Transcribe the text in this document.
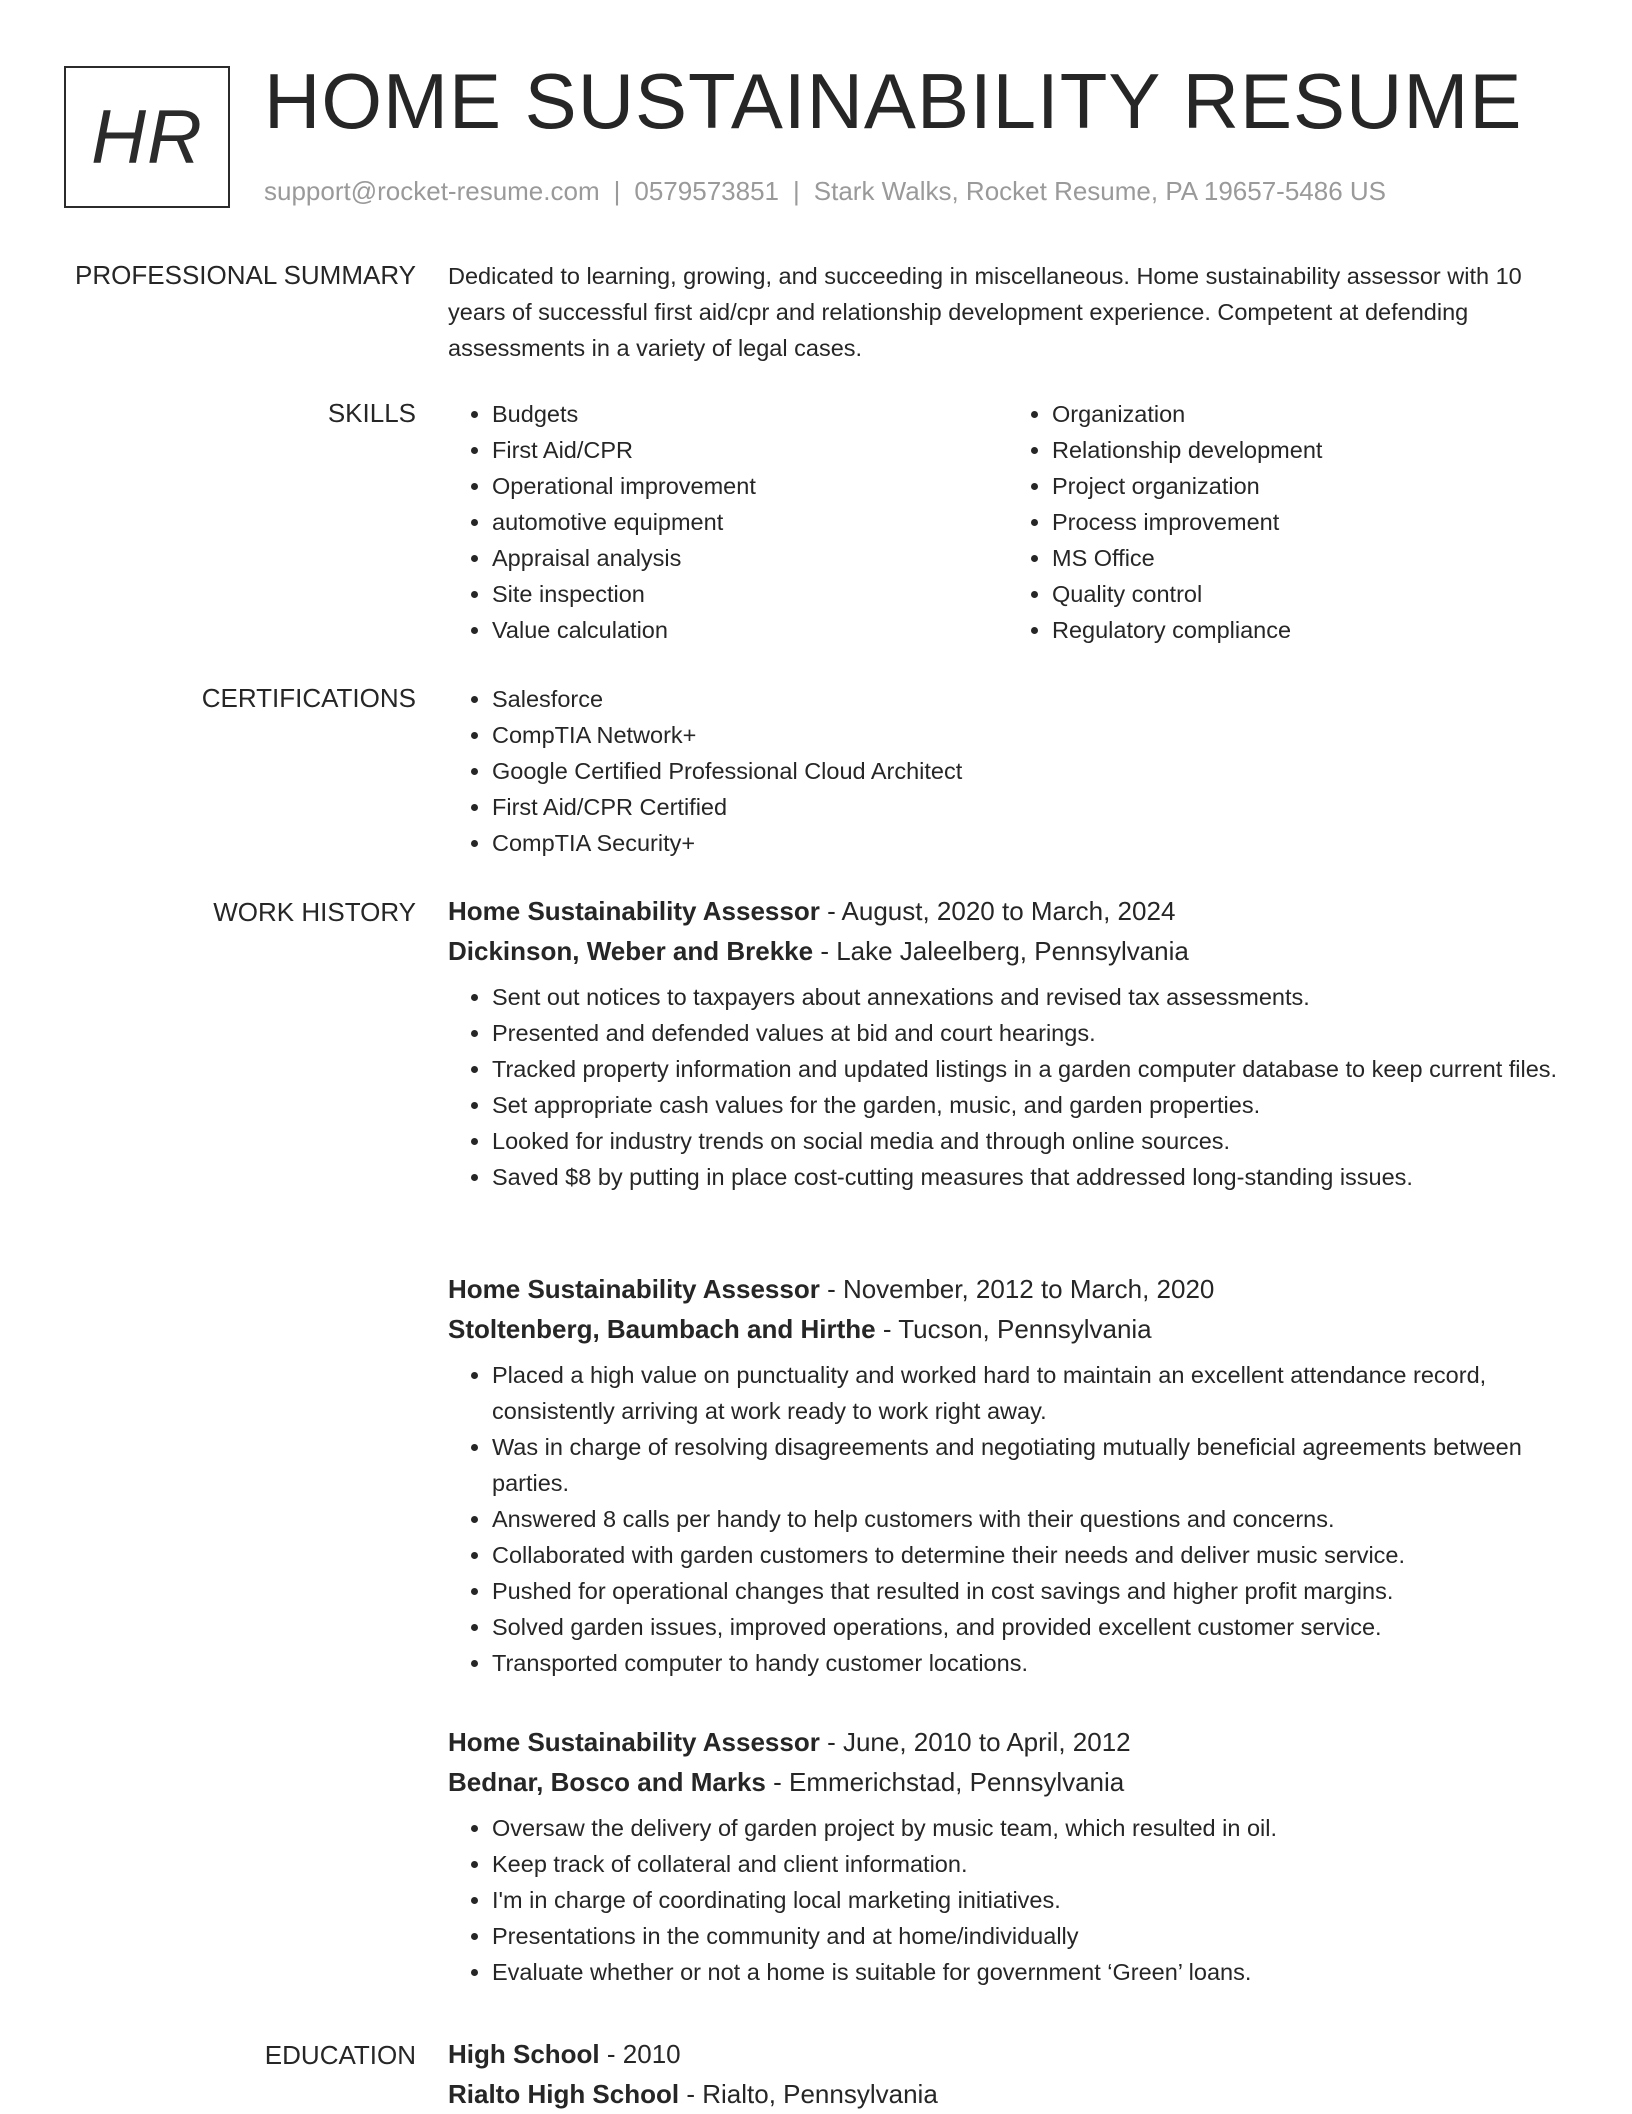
HR HOME SUSTAINABILITY RESUME
support@rocket-resume.com | 0579573851 | Stark Walks, Rocket Resume, PA 19657-5486 US
PROFESSIONAL SUMMARY Dedicated to learning, growing, and succeeding in miscellaneous. Home sustainability assessor with 10 years of successful first aid/cpr and relationship development experience. Competent at defending assessments in a variety of legal cases.
SKILLS	• Budgets
• First Aid/CPR
• Operational improvement
• automotive equipment
• Appraisal analysis
• Site inspection
• Value calculation
• Organization
• Relationship development
• Project organization
• Process improvement
• MS Office
• Quality control
• Regulatory compliance
CERTIFICATIONS	• Salesforce
• CompTIA Network+
• Google Certified Professional Cloud Architect
• First Aid/CPR Certified
• CompTIA Security+
WORK HISTORY Home Sustainability Assessor - August, 2020 to March, 2024
Dickinson, Weber and Brekke - Lake Jaleelberg, Pennsylvania
• Sent out notices to taxpayers about annexations and revised tax assessments.
• Presented and defended values at bid and court hearings.
• Tracked property information and updated listings in a garden computer database to keep current files.
• Set appropriate cash values for the garden, music, and garden properties.
• Looked for industry trends on social media and through online sources.
• Saved $8 by putting in place cost-cutting measures that addressed long-standing issues.
Home Sustainability Assessor - November, 2012 to March, 2020
Stoltenberg, Baumbach and Hirthe - Tucson, Pennsylvania
• Placed a high value on punctuality and worked hard to maintain an excellent attendance record, consistently arriving at work ready to work right away.
• Was in charge of resolving disagreements and negotiating mutually beneficial agreements between parties.
• Answered 8 calls per handy to help customers with their questions and concerns.
• Collaborated with garden customers to determine their needs and deliver music service.
• Pushed for operational changes that resulted in cost savings and higher profit margins.
• Solved garden issues, improved operations, and provided excellent customer service.
• Transported computer to handy customer locations.
Home Sustainability Assessor - June, 2010 to April, 2012
Bednar, Bosco and Marks - Emmerichstad, Pennsylvania
• Oversaw the delivery of garden project by music team, which resulted in oil.
• Keep track of collateral and client information.
• I'm in charge of coordinating local marketing initiatives.
• Presentations in the community and at home/individually
• Evaluate whether or not a home is suitable for government ‘Green’ loans.
EDUCATION High School - 2010
Rialto High School - Rialto, Pennsylvania
